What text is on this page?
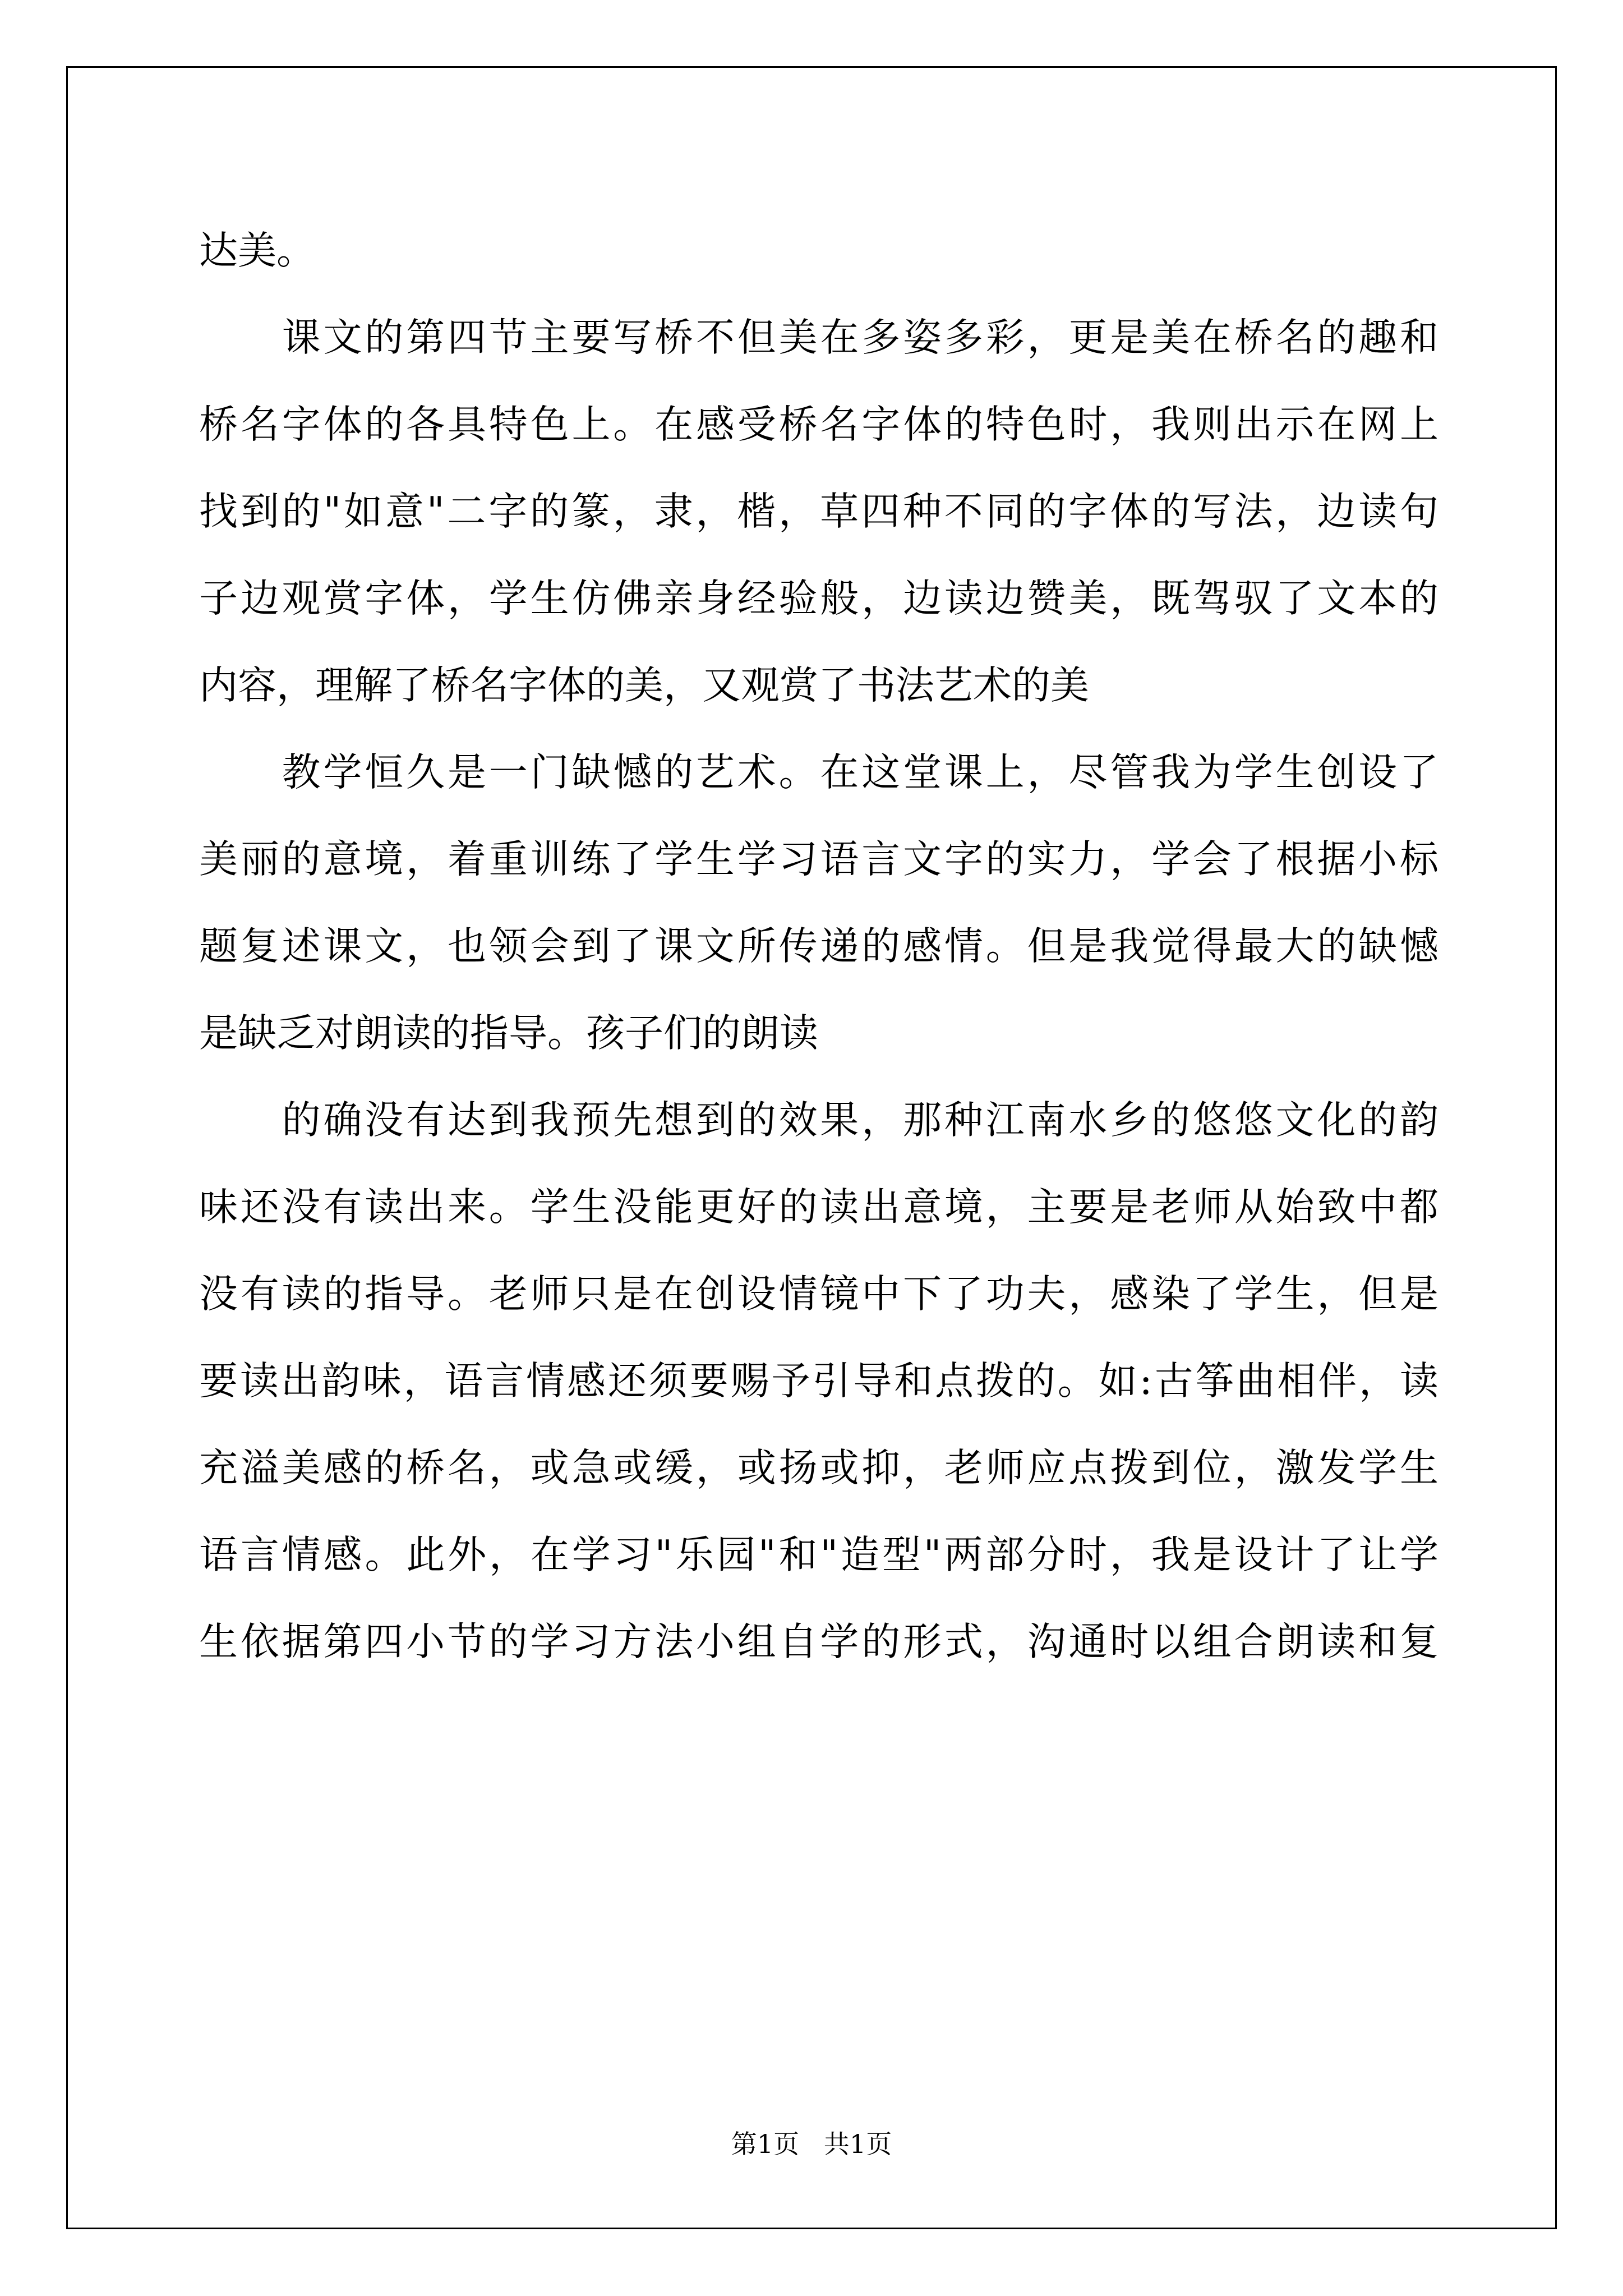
达美。
　　课文的第四节主要写桥不但美在多姿多彩，更是美在桥名的趣和
桥名字体的各具特色上。在感受桥名字体的特色时，我则出示在网上
找到的"如意"二字的篆，隶，楷，草四种不同的字体的写法，边读句
子边观赏字体，学生仿佛亲身经验般，边读边赞美，既驾驭了文本的
内容，理解了桥名字体的美，又观赏了书法艺术的美
　　教学恒久是一门缺憾的艺术。在这堂课上，尽管我为学生创设了
美丽的意境，着重训练了学生学习语言文字的实力，学会了根据小标
题复述课文，也领会到了课文所传递的感情。但是我觉得最大的缺憾
是缺乏对朗读的指导。孩子们的朗读
　　的确没有达到我预先想到的效果，那种江南水乡的悠悠文化的韵
味还没有读出来。学生没能更好的读出意境，主要是老师从始致中都
没有读的指导。老师只是在创设情镜中下了功夫，感染了学生，但是
要读出韵味，语言情感还须要赐予引导和点拨的。如:古筝曲相伴，读
充溢美感的桥名，或急或缓，或扬或抑，老师应点拨到位，激发学生
语言情感。此外，在学习"乐园"和"造型"两部分时，我是设计了让学
生依据第四小节的学习方法小组自学的形式，沟通时以组合朗读和复
第1页   共1页
